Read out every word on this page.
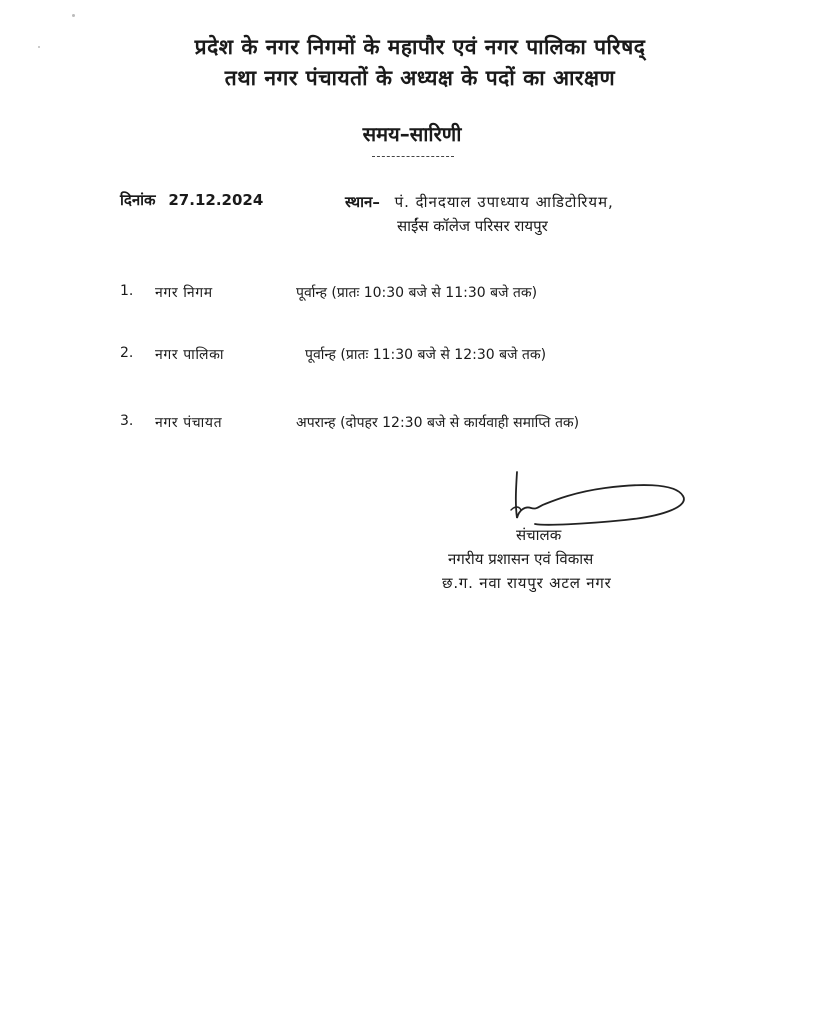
प्रदेश के नगर निगमों के महापौर एवं नगर पालिका परिषद्
तथा नगर पंचायतों के अध्यक्ष के पदों का आरक्षण
समय–सारिणी
दिनांक 27.12.2024	स्थान– पं. दीनदयाल उपाध्याय आडिटोरियम,
साईंस कॉलेज परिसर रायपुर
1. नगर निगम	पूर्वान्ह (प्रातः 10:30 बजे से 11:30 बजे तक)
2. नगर पालिका	पूर्वान्ह (प्रातः 11:30 बजे से 12:30 बजे तक)
3. नगर पंचायत	अपरान्ह (दोपहर 12:30 बजे से कार्यवाही समाप्ति तक)
संचालक
नगरीय प्रशासन एवं विकास
छ.ग. नवा रायपुर अटल नगर
